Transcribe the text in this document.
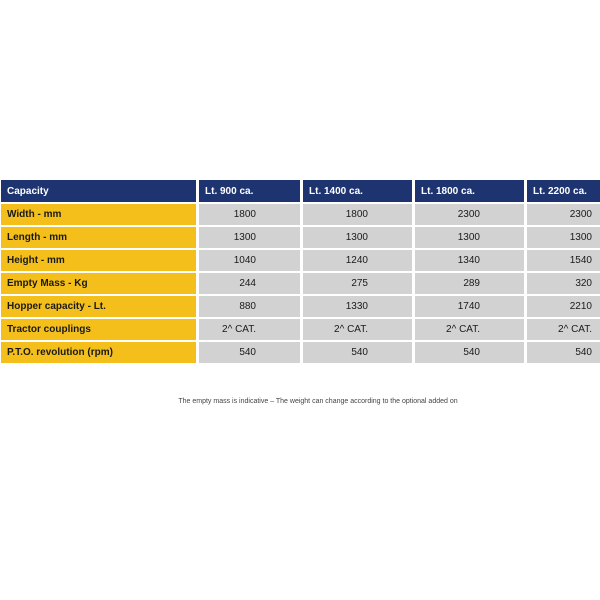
Capacity	Lt. 900 ca.	Lt. 1400 ca.	Lt. 1800 ca.	Lt. 2200 ca.
Width - mm	1800	1800	2300	2300
Length - mm	1300	1300	1300	1300
Height - mm	1040	1240	1340	1540
Empty Mass - Kg	244	275	289	320
Hopper capacity - Lt.	880	1330	1740	2210
Tractor couplings	2^ CAT.	2^ CAT.	2^ CAT.	2^ CAT.
P.T.O. revolution (rpm)	540	540	540	540
The empty mass is indicative – The weight can change according to the optional added on
